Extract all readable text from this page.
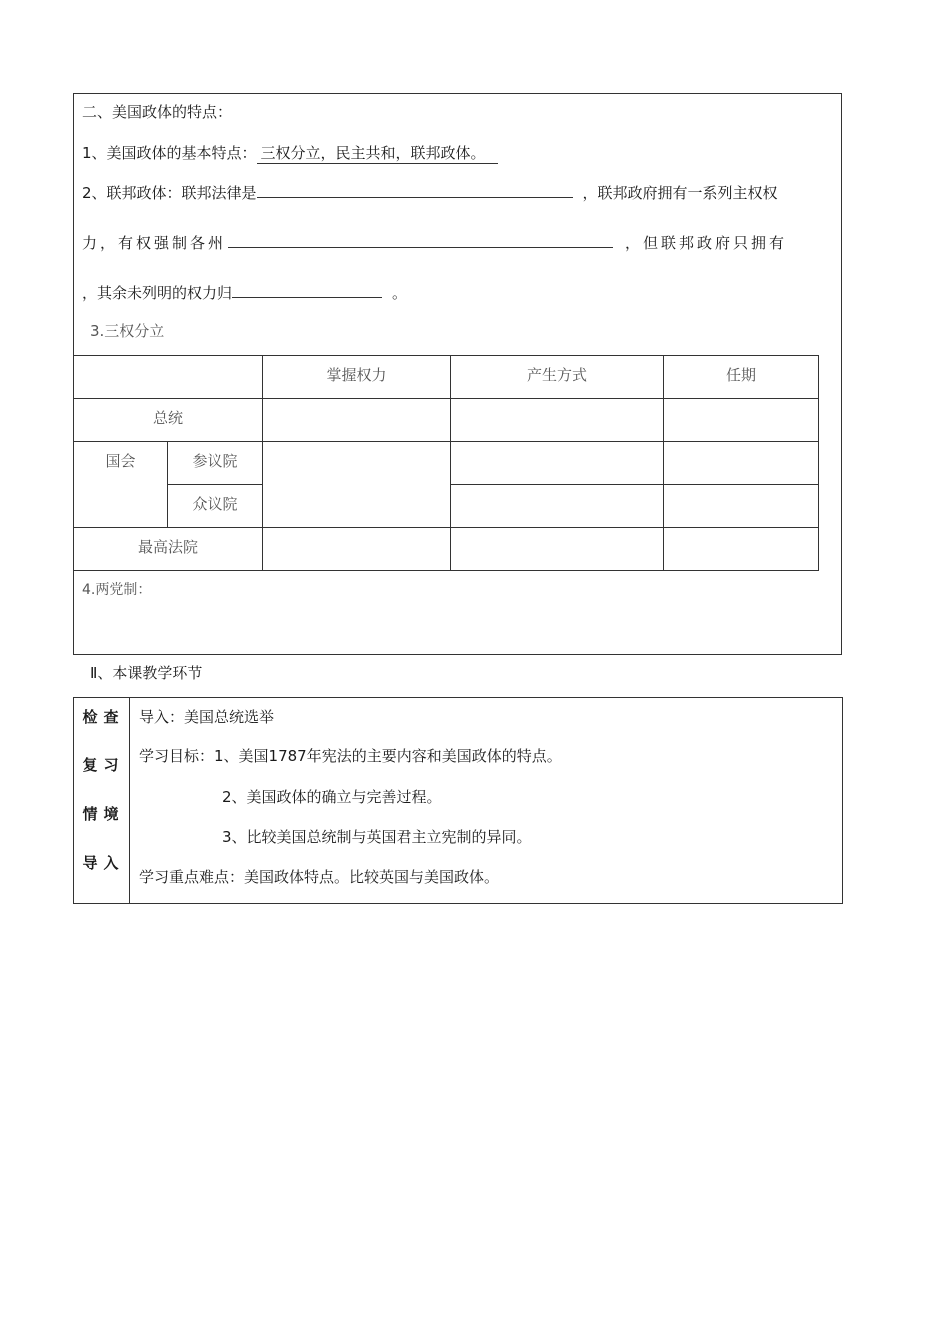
二、美国政体的特点：
1、美国政体的基本特点： 三权分立，民主共和，联邦政体。
2、联邦政体：联邦法律是	，联邦政府拥有一系列主权权
力，有权强制各州	，但联邦政府只拥有
，其余未列明的权力归	。
3.三权分立
		掌握权力	产生方式	任期
总统				
国会	参议院			
	众议院			
最高法院				
4.两党制：
Ⅱ、本课教学环节
检查
复习
情境
导入
导入：美国总统选举
学习目标：1、美国1787年宪法的主要内容和美国政体的特点。
2、美国政体的确立与完善过程。
3、比较美国总统制与英国君主立宪制的异同。
学习重点难点：美国政体特点。比较英国与美国政体。
